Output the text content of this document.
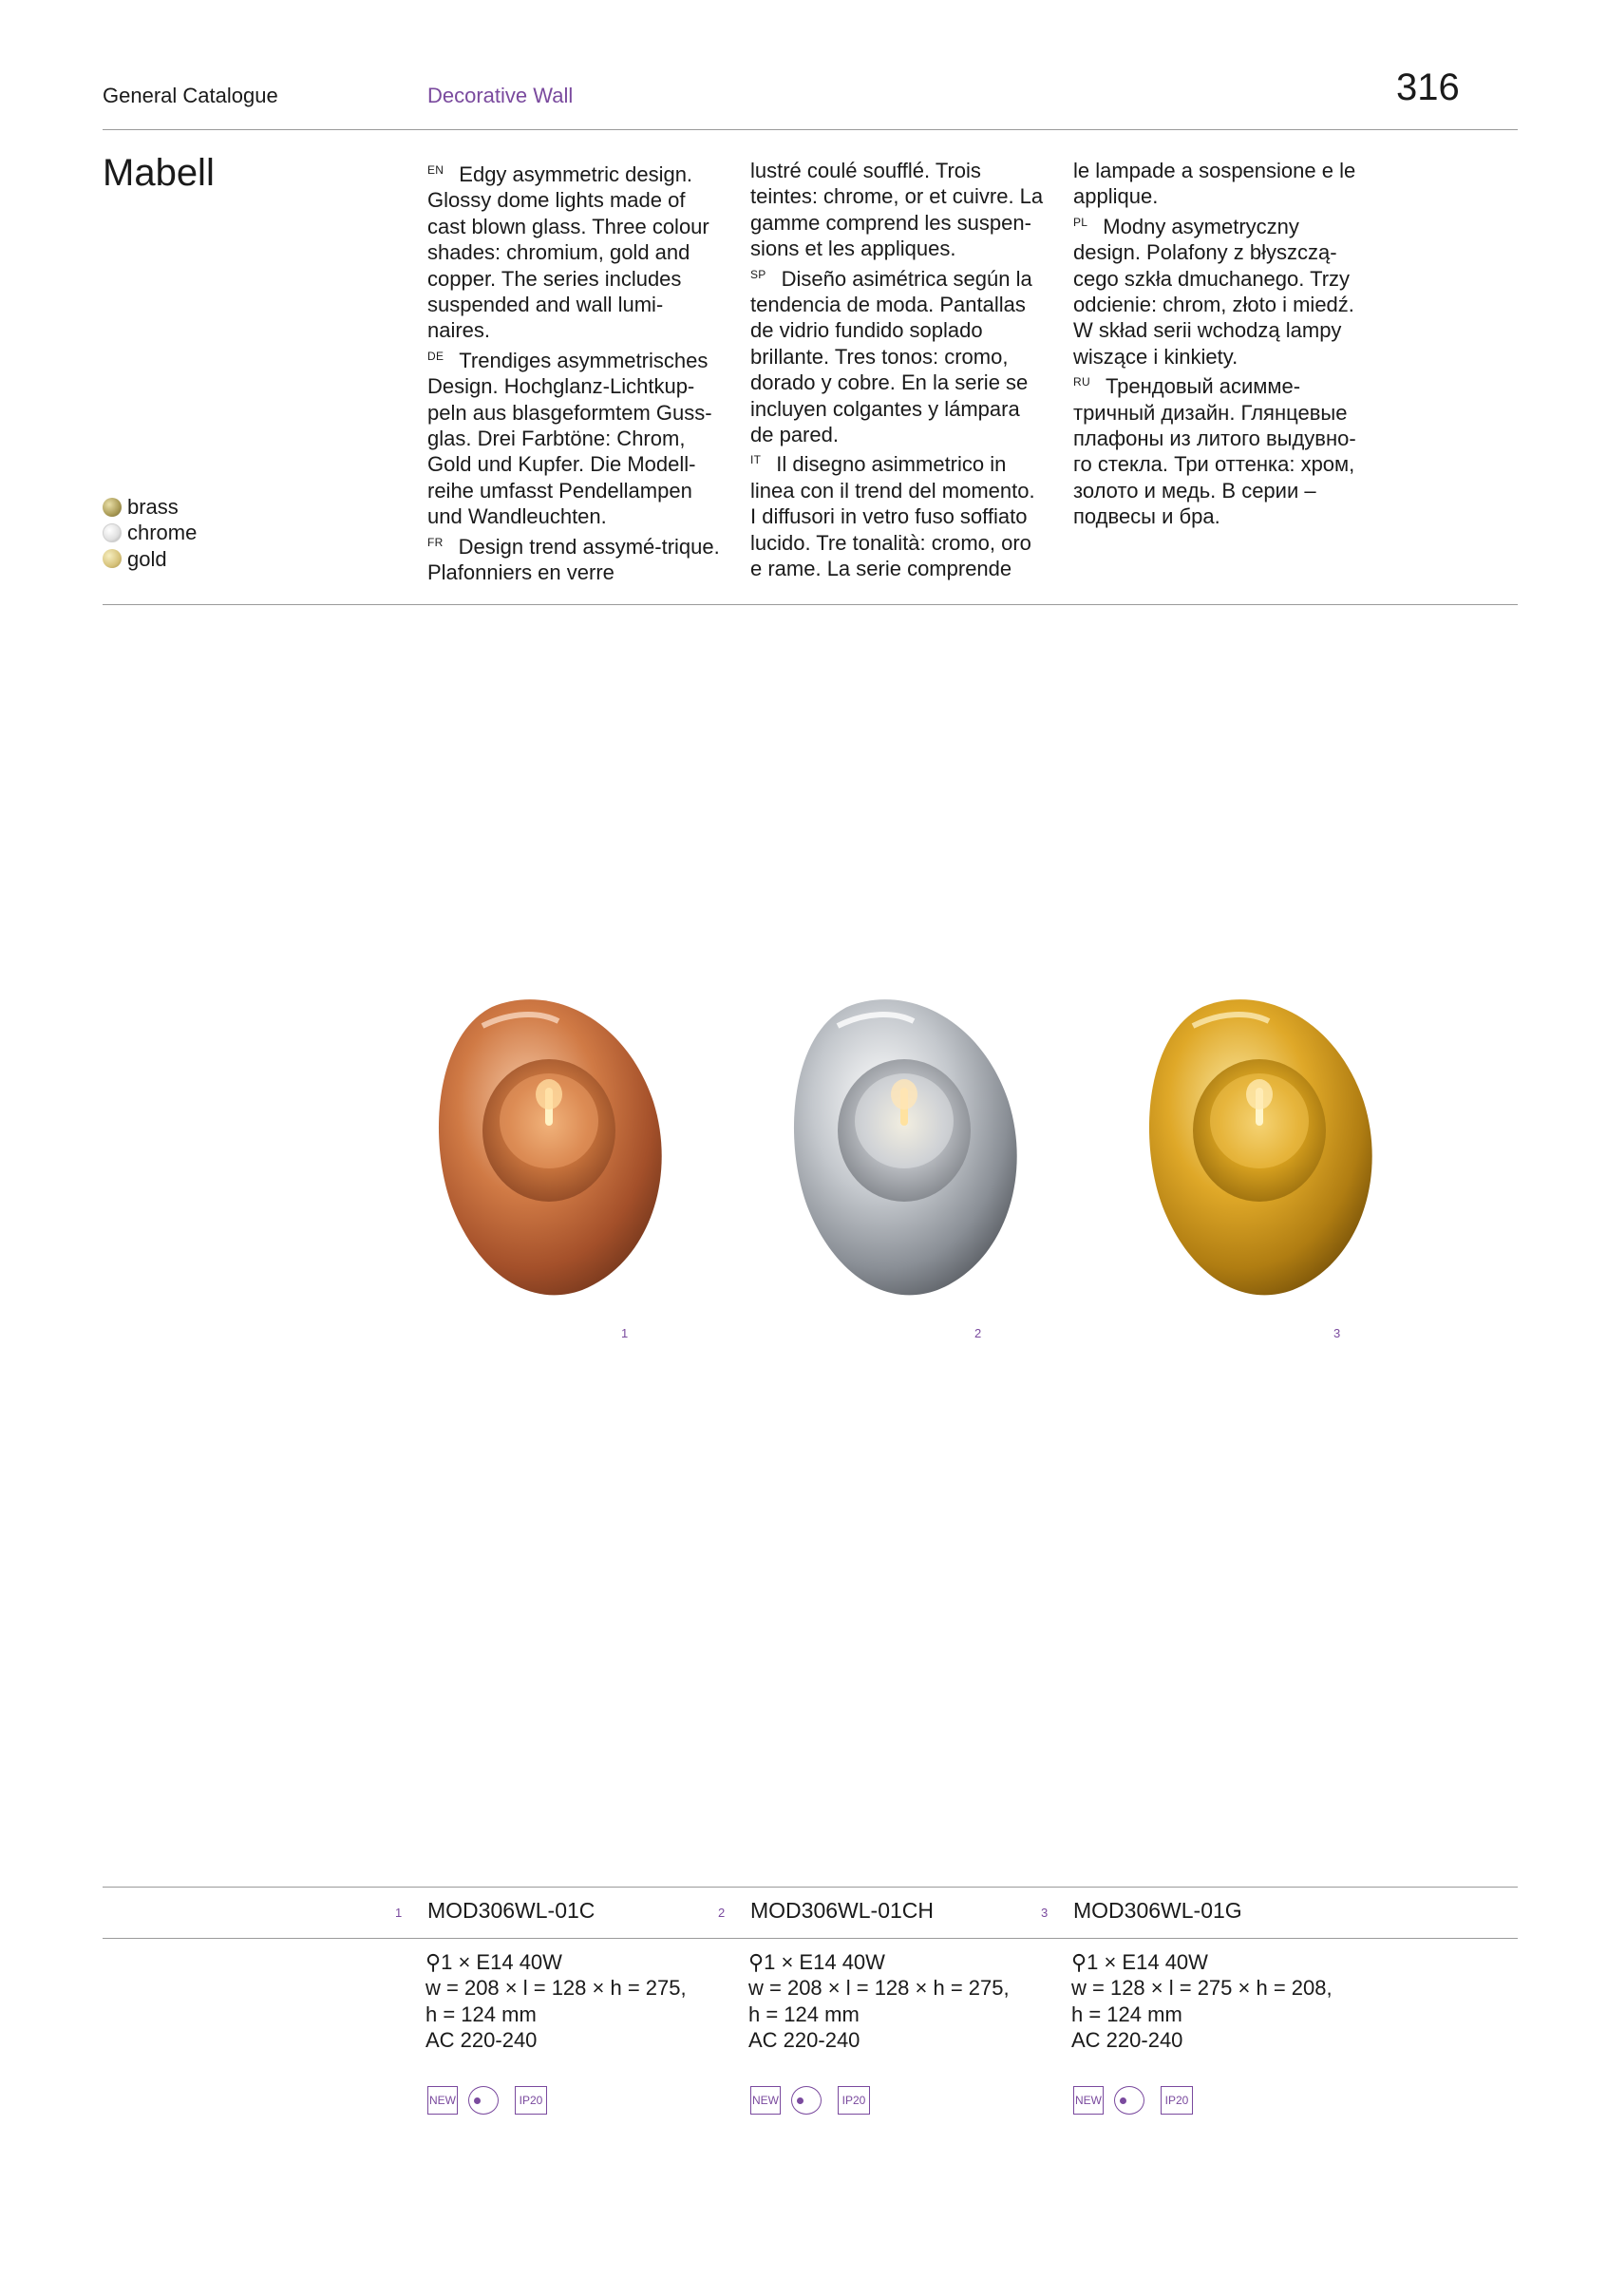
General Catalogue	Decorative Wall	316
Mabell
brass
chrome
gold

$^{EN}$ Edgy asymmetric design. Glossy dome lights made of cast blown glass. Three colour shades: chromium, gold and copper. The series includes suspended and wall lumi-naires.

$^{DE}$ Trendiges asymmetrisches Design. Hochglanz-Lichtkup-peln aus blasgeformtem Guss-glas. Drei Farbtöne: Chrom, Gold und Kupfer. Die Modell-reihe umfasst Pendellampen und Wandleuchten.

$^{FR}$ Design trend assymé-trique. Plafonniers en verre

lustré coulé soufflé. Trois teintes: chrome, or et cuivre. La gamme comprend les suspen-sions et les appliques.

$^{SP}$ Diseño asimétrica según la tendencia de moda. Pantallas de vidrio fundido soplado brillante. Tres tonos: cromo, dorado y cobre. En la serie se incluyen colgantes y lámpara de pared.

$^{IT}$ Il disegno asimmetrico in linea con il trend del momento. I diffusori in vetro fuso soffiato lucido. Tre tonalità: cromo, oro e rame. La serie comprende

le lampade a sospensione e le applique.

$^{PL}$ Modny asymetryczny design. Polafony z błyszczą-cego szkła dmuchanego. Trzy odcienie: chrom, złoto i miedź. W skład serii wchodzą lampy wiszące i kinkiety.

$^{RU}$ Трендовый асимме-тричный дизайн. Глянцевые плафоны из литого выдувно-го стекла. Три оттенка: хром, золото и медь. В серии – подвесы и бра.

1	2	3
1 MOD306WL-01C	2 MOD306WL-01CH	3 MOD306WL-01G

⚲1 × E14 40W

w = 208 × l = 128 × h = 275,

h = 124 mm

AC 220-240

⚲1 × E14 40W

w = 208 × l = 128 × h = 275,

h = 124 mm

AC 220-240

⚲1 × E14 40W

w = 128 × l = 275 × h = 208,

h = 124 mm

AC 220-240

NEW	IP20	NEW	IP20	NEW	IP20
